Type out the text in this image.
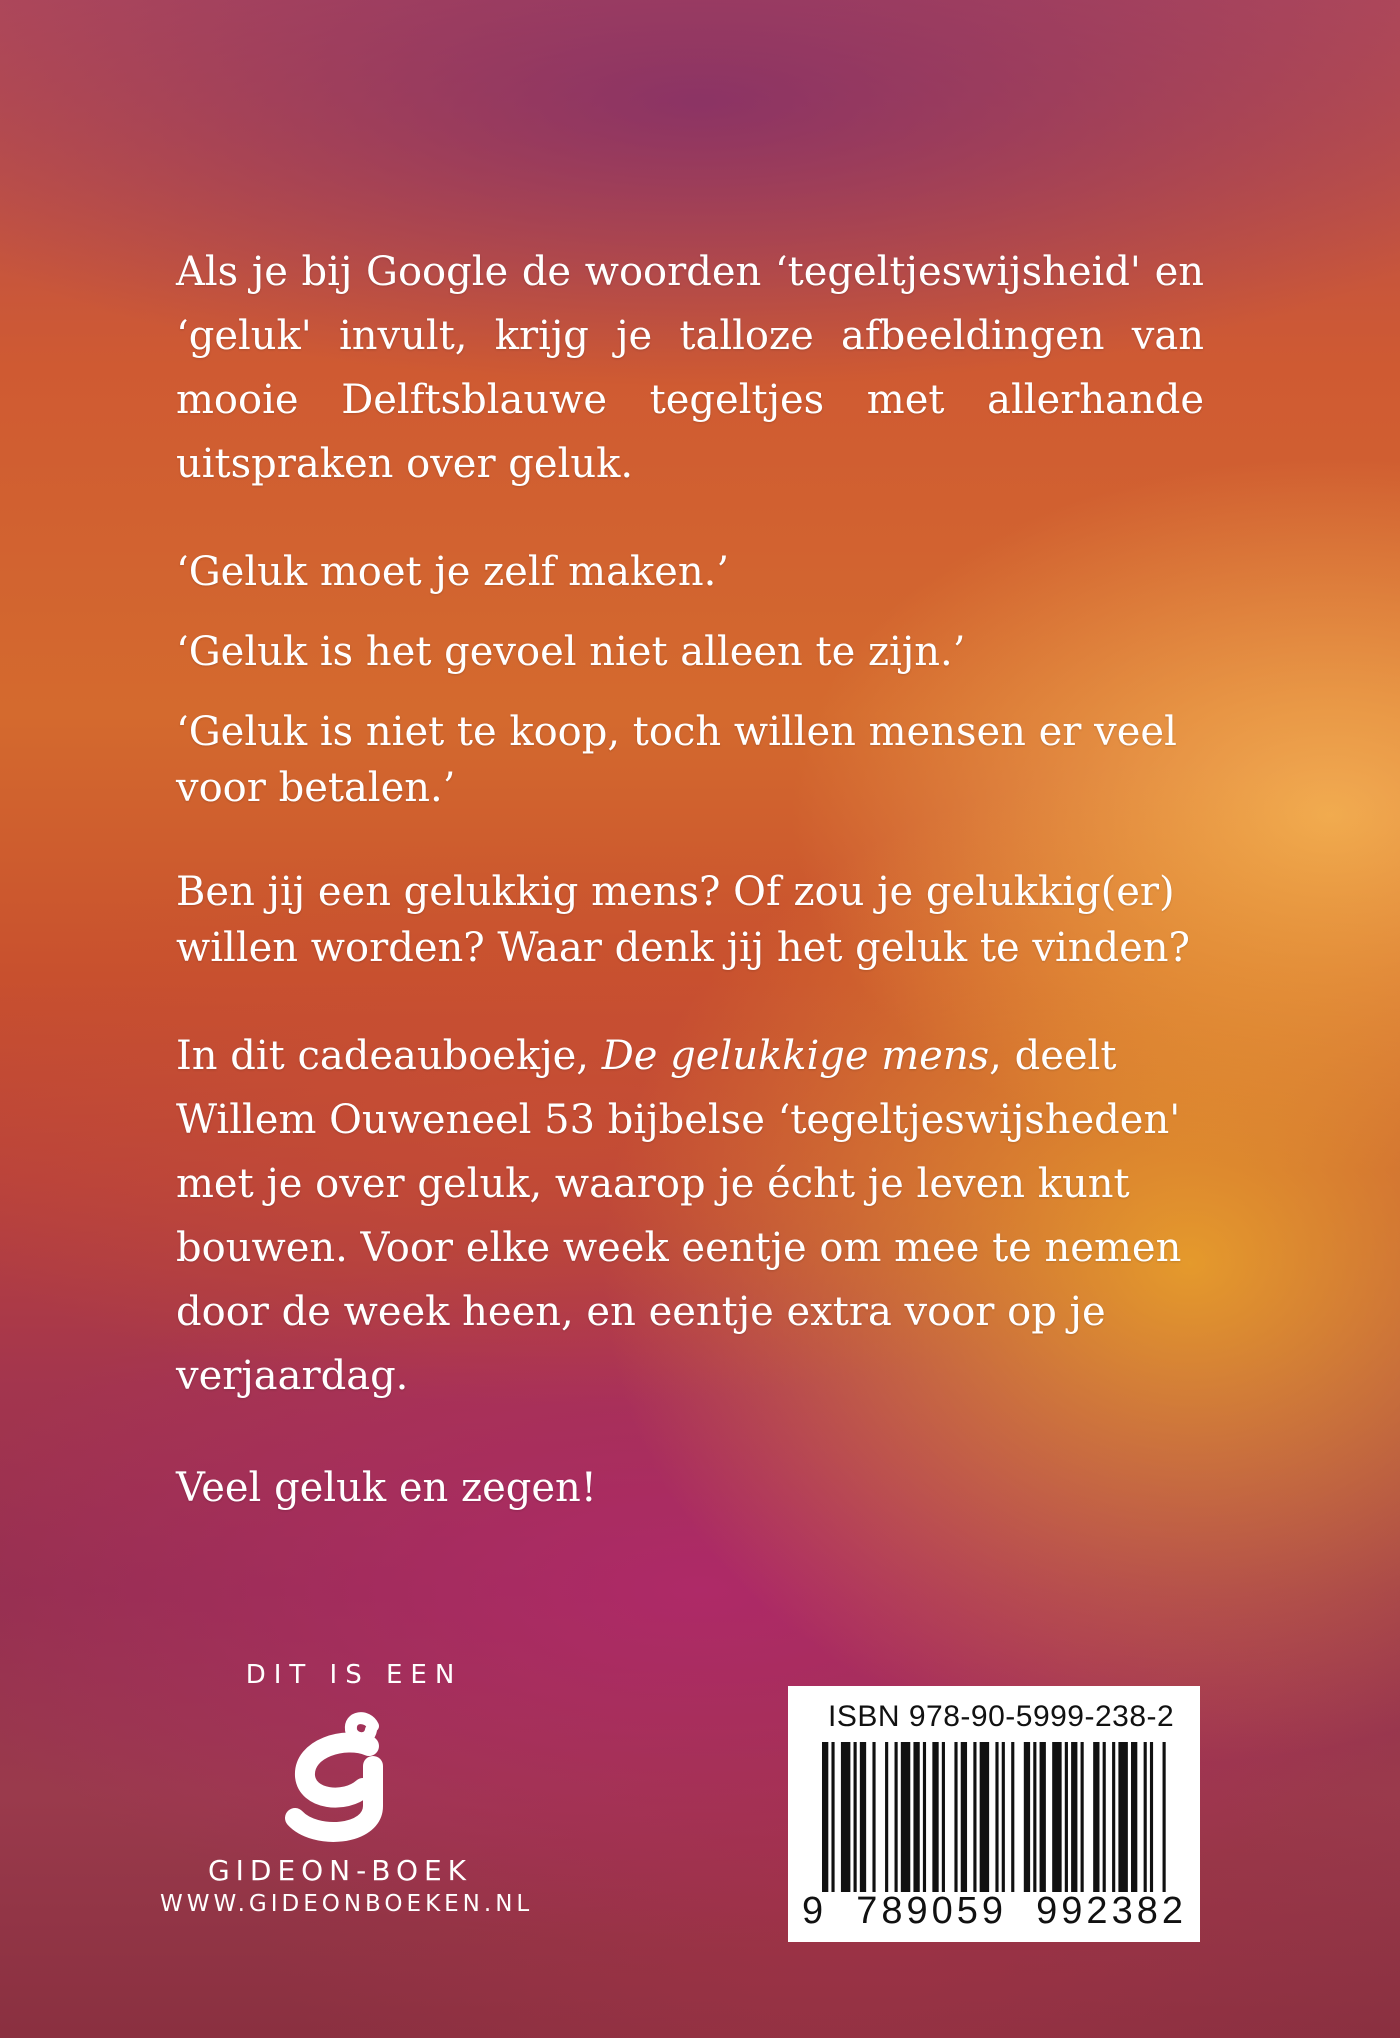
Als je bij Google de woorden ‘tegeltjeswijsheid' en ‘geluk' invult, krijg je talloze afbeeldingen van mooie Delftsblauwe tegeltjes met allerhande uitspraken over geluk.

‘Geluk moet je zelf maken.’

‘Geluk is het gevoel niet alleen te zijn.’

‘Geluk is niet te koop, toch willen mensen er veel voor betalen.’

Ben jij een gelukkig mens? Of zou je gelukkig(er) willen worden? Waar denk jij het geluk te vinden?

In dit cadeauboekje, De gelukkige mens, deelt Willem Ouweneel 53 bijbelse ‘tegeltjeswijsheden' met je over geluk, waarop je écht je leven kunt bouwen. Voor elke week eentje om mee te nemen door de week heen, en eentje extra voor op je verjaardag.

Veel geluk en zegen!

DIT IS EEN
GIDEON-BOEK
WWW.GIDEONBOEKEN.NL
ISBN 978-90-5999-238-2
9  789059  992382
